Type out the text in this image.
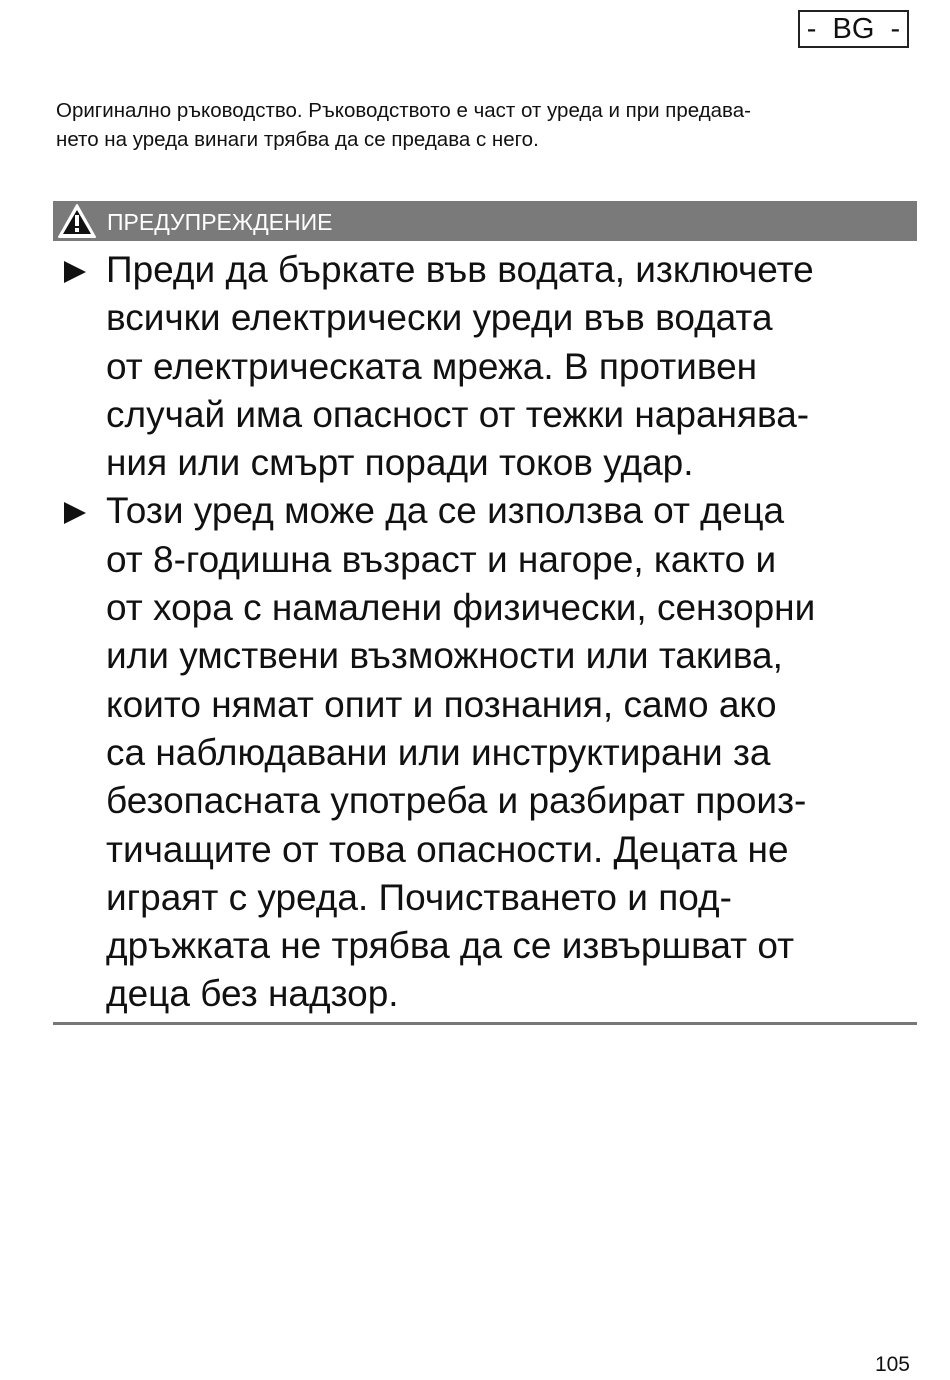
-  BG  -

Оригинално ръководство. Ръководството е част от уреда и при предава-
нето на уреда винаги трябва да се предава с него.

ПРЕДУПРЕЖДЕНИЕ
Преди да бъркате във водата, изключете
всички електрически уреди във водата
от електрическата мрежа. В противен
случай има опасност от тежки наранява-
ния или смърт поради токов удар.
Този уред може да се използва от деца
от 8-годишна възраст и нагоре, както и
от хора с намалени физически, сензорни
или умствени възможности или такива,
които нямат опит и познания, само ако
са наблюдавани или инструктирани за
безопасната употреба и разбират произ-
тичащите от това опасности. Децата не
играят с уреда. Почистването и под-
дръжката не трябва да се извършват от
деца без надзор.
105
